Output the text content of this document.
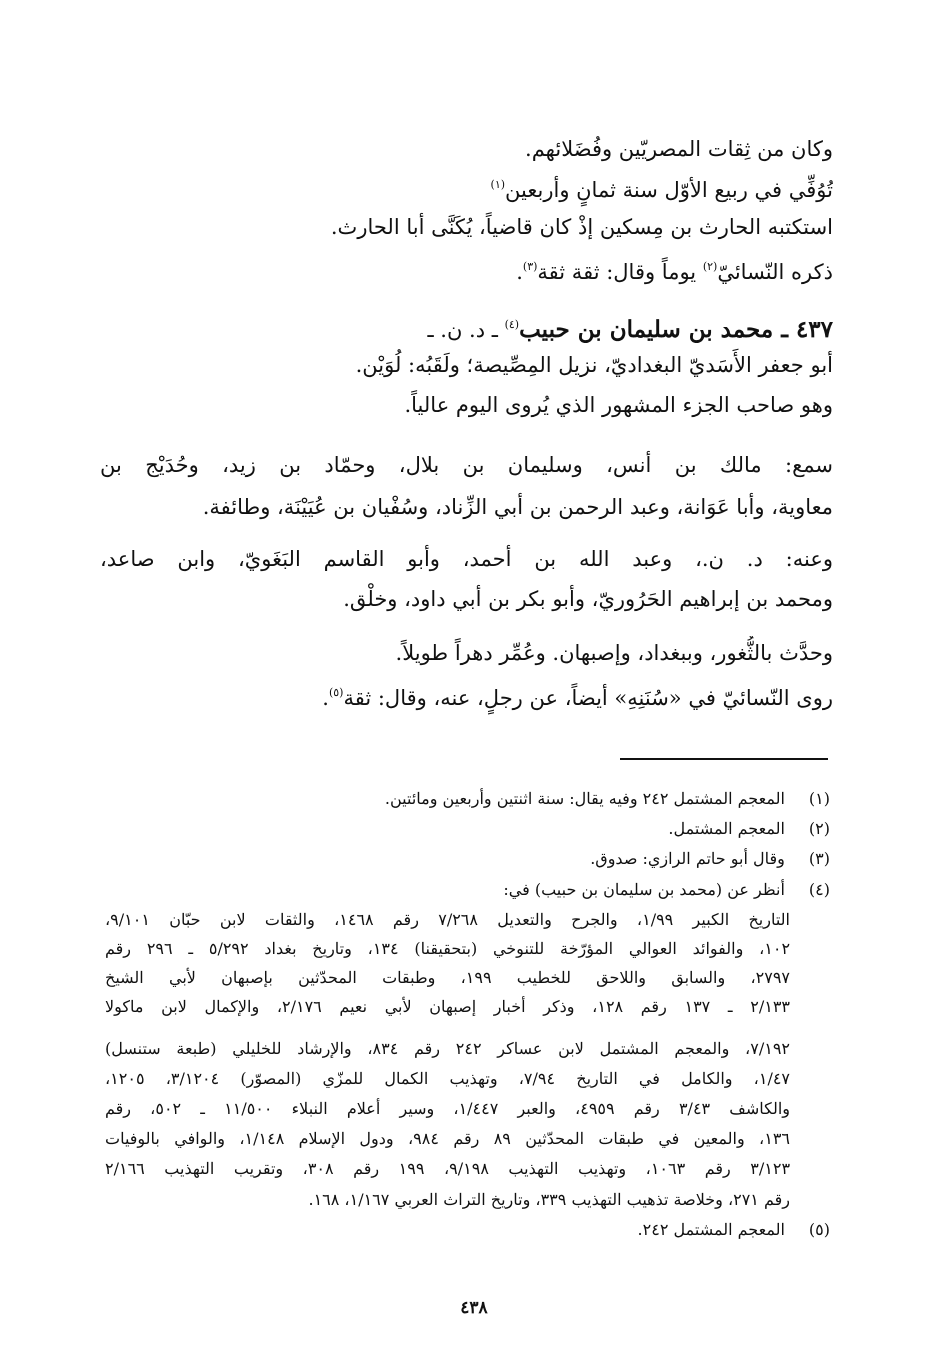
وكان من ثِقات المصريّين وفُضَلائهم.
تُوُفِّي في ربيع الأوّل سنة ثمانٍ وأربعين$^{(١)}$
استكتبه الحارث بن مِسكين إذْ كان قاضياً، يُكَنَّى أبا الحارث.
ذكره النّسائيّ$^{(٢)}$ يوماً وقال: ثقة ثقة$^{(٣)}$.
٤٣٧ ـ محمد بن سليمان بن حبيب$^{(٤)}$ ـ د. ن. ـ
أبو جعفر الأَسَديّ البغداديّ، نزيل المِصِّيصة؛ ولَقَبُه: لُوَيْن.
وهو صاحب الجزء المشهور الذي يُروى اليوم عالياً.
سمع: مالك بن أنس، وسليمان بن بلال، وحمّاد بن زيد، وحُدَيْج بن
معاوية، وأبا عَوَانة، وعبد الرحمن بن أبي الزِّناد، وسُفْيان بن عُيَيْنَة، وطائفة.
وعنه: د. ن.، وعبد الله بن أحمد، وأبو القاسم البَغَويّ، وابن صاعد،
ومحمد بن إبراهيم الحَرُوريّ، وأبو بكر بن أبي داود، وخلْق.
وحدَّث بالثُّغور، وببغداد، وإصبهان. وعُمِّر دهراً طويلاً.
روى النّسائيّ في «سُنَنِهِ» أيضاً، عن رجلٍ، عنه، وقال: ثقة$^{(٥)}$.
(١) المعجم المشتمل ٢٤٢ وفيه يقال: سنة اثنتين وأربعين ومائتين.
(٢) المعجم المشتمل.
(٣) وقال أبو حاتم الرازي: صدوق.
(٤) أنظر عن (محمد بن سليمان بن حبيب) في:
التاريخ الكبير ١/٩٩، والجرح والتعديل ٧/٢٦٨ رقم ١٤٦٨، والثقات لابن حبّان ٩/١٠١،
١٠٢، والفوائد العوالي المؤرّخة للتنوخي (بتحقيقنا) ١٣٤، وتاريخ بغداد ٥/٢٩٢ ـ ٢٩٦ رقم
٢٧٩٧، والسابق واللاحق للخطيب ١٩٩، وطبقات المحدّثين بإصبهان لأبي الشيخ
٢/١٣٣ ـ ١٣٧ رقم ١٢٨، وذكر أخبار إصبهان لأبي نعيم ٢/١٧٦، والإكمال لابن ماكولا
٧/١٩٢، والمعجم المشتمل لابن عساكر ٢٤٢ رقم ٨٣٤، والإرشاد للخليلي (طبعة ستنسل)
١/٤٧، والكامل في التاريخ ٧/٩٤، وتهذيب الكمال للمزّي (المصوّر) ٣/١٢٠٤، ١٢٠٥،
والكاشف ٣/٤٣ رقم ٤٩٥٩، والعبر ١/٤٤٧، وسير أعلام النبلاء ١١/٥٠٠ ـ ٥٠٢، رقم
١٣٦، والمعين في طبقات المحدّثين ٨٩ رقم ٩٨٤، ودول الإسلام ١/١٤٨، والوافي بالوفيات
٣/١٢٣ رقم ١٠٦٣، وتهذيب التهذيب ٩/١٩٨، ١٩٩ رقم ٣٠٨، وتقريب التهذيب ٢/١٦٦
رقم ٢٧١، وخلاصة تذهيب التهذيب ٣٣٩، وتاريخ التراث العربي ١/١٦٧، ١٦٨.
(٥) المعجم المشتمل ٢٤٢.
٤٣٨
